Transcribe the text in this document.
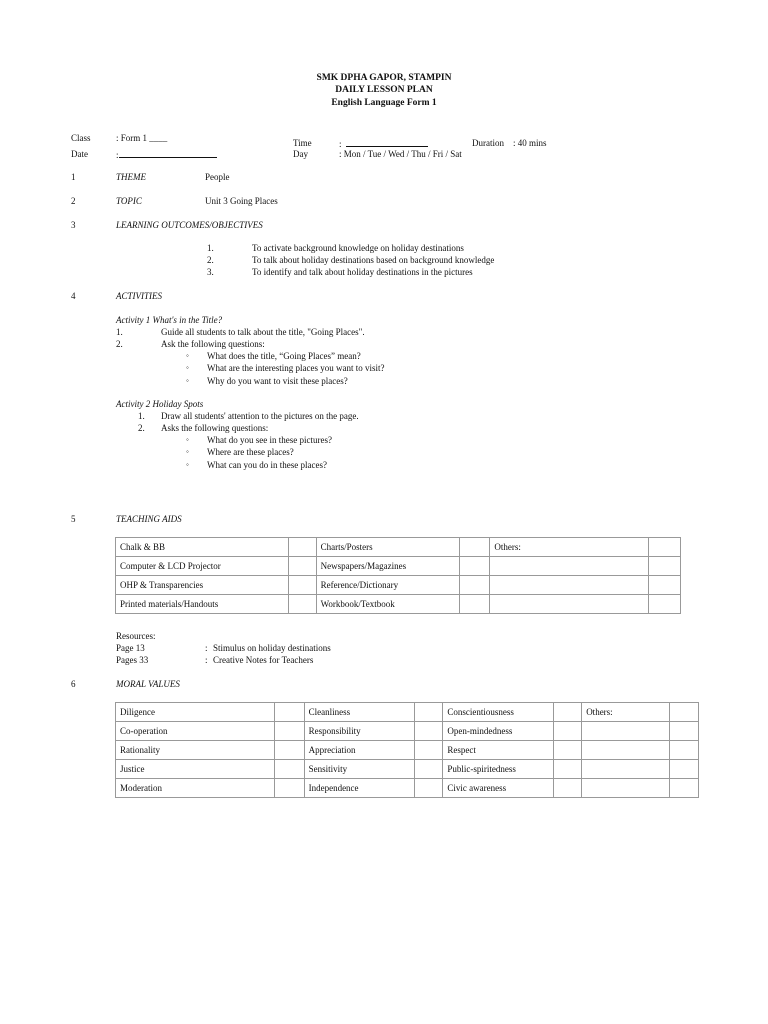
SMK DPHA GAPOR, STAMPIN
DAILY LESSON PLAN
English Language Form 1
Class	: Form 1 ____
Date	:
Time	:	Duration : 40 mins
Day	: Mon / Tue / Wed / Thu / Fri / Sat
1	THEME	People
2	TOPIC	Unit 3 Going Places
3	LEARNING OUTCOMES/OBJECTIVES
1.	To activate background knowledge on holiday destinations
2.	To talk about holiday destinations based on background knowledge
3.	To identify and talk about holiday destinations in the pictures
4	ACTIVITIES
Activity 1 What's in the Title?
1.	Guide all students to talk about the title, "Going Places".
2.	Ask the following questions:
◦ What does the title, “Going Places” mean?
◦ What are the interesting places you want to visit?
◦ Why do you want to visit these places?
Activity 2 Holiday Spots
1. Draw all students' attention to the pictures on the page.
2. Asks the following questions:
◦ What do you see in these pictures?
◦ Where are these places?
◦ What can you do in these places?
5	TEACHING AIDS
Chalk & BB		Charts/Posters		Others:	
Computer & LCD Projector		Newspapers/Magazines			
OHP & Transparencies		Reference/Dictionary			
Printed materials/Handouts		Workbook/Textbook			
Resources:
Page 13	: Stimulus on holiday destinations
Pages 33	: Creative Notes for Teachers
6	MORAL VALUES
Diligence		Cleanliness		Conscientiousness		Others:	
Co-operation		Responsibility		Open-mindedness			
Rationality		Appreciation		Respect			
Justice		Sensitivity		Public-spiritedness			
Moderation		Independence		Civic awareness			
